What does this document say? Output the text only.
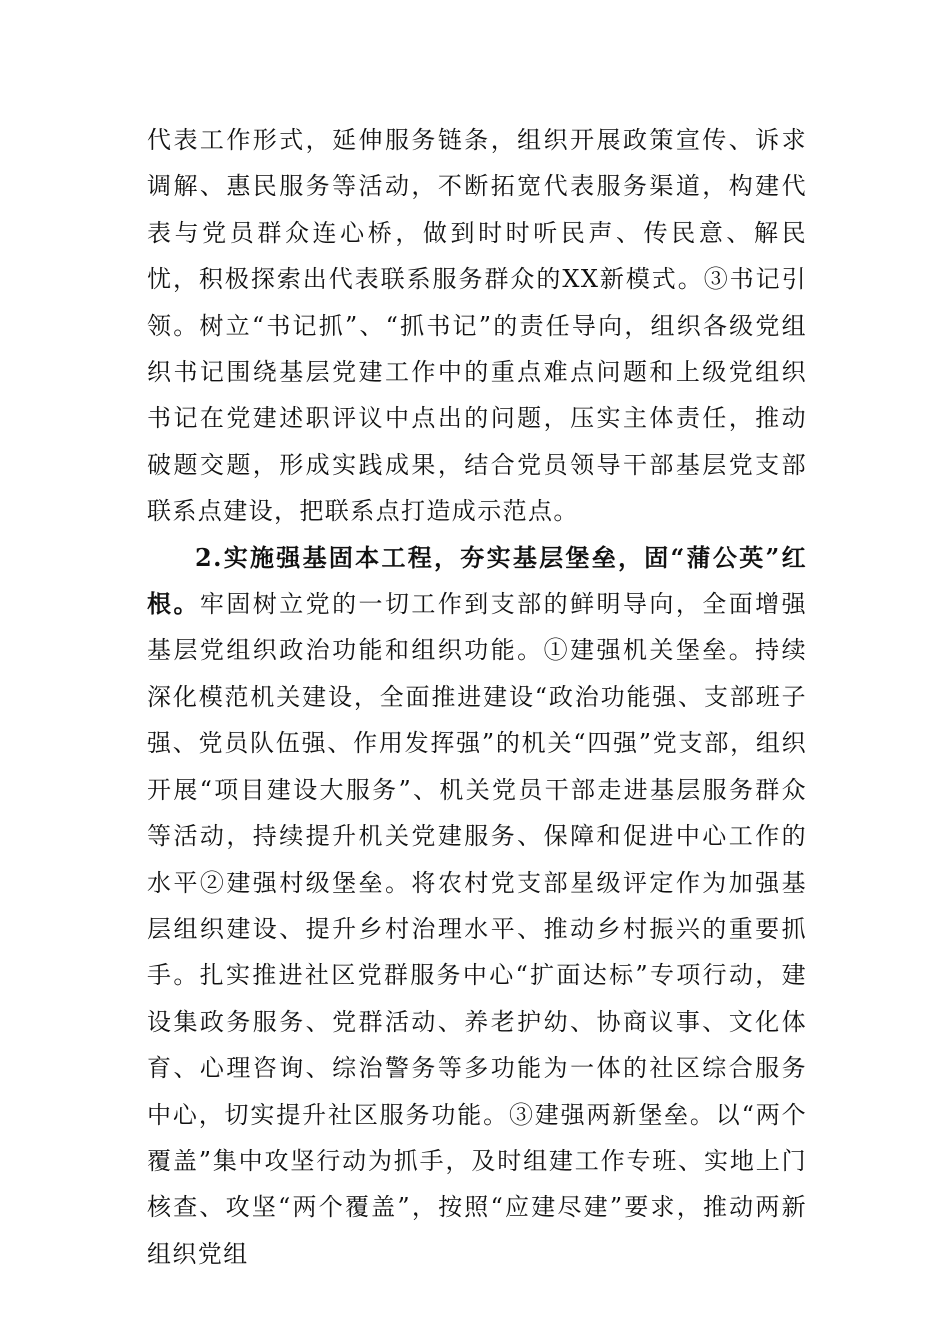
代表工作形式，延伸服务链条，组织开展政策宣传、诉求调解、惠民服务等活动，不断拓宽代表服务渠道，构建代表与党员群众连心桥，做到时时听民声、传民意、解民忧，积极探索出代表联系服务群众的XX新模式。③书记引领。树立“书记抓”、“抓书记”的责任导向，组织各级党组织书记围绕基层党建工作中的重点难点问题和上级党组织书记在党建述职评议中点出的问题，压实主体责任，推动破题交题，形成实践成果，结合党员领导干部基层党支部联系点建设，把联系点打造成示范点。

2.实施强基固本工程，夯实基层堡垒，固“蒲公英”红根。牢固树立党的一切工作到支部的鲜明导向，全面增强基层党组织政治功能和组织功能。①建强机关堡垒。持续深化模范机关建设，全面推进建设“政治功能强、支部班子强、党员队伍强、作用发挥强”的机关“四强”党支部，组织开展“项目建设大服务”、机关党员干部走进基层服务群众等活动，持续提升机关党建服务、保障和促进中心工作的水平②建强村级堡垒。将农村党支部星级评定作为加强基层组织建设、提升乡村治理水平、推动乡村振兴的重要抓手。扎实推进社区党群服务中心“扩面达标”专项行动，建设集政务服务、党群活动、养老护幼、协商议事、文化体育、心理咨询、综治警务等多功能为一体的社区综合服务中心，切实提升社区服务功能。③建强两新堡垒。以“两个覆盖”集中攻坚行动为抓手，及时组建工作专班、实地上门核查、攻坚“两个覆盖”，按照“应建尽建”要求，推动两新组织党组
